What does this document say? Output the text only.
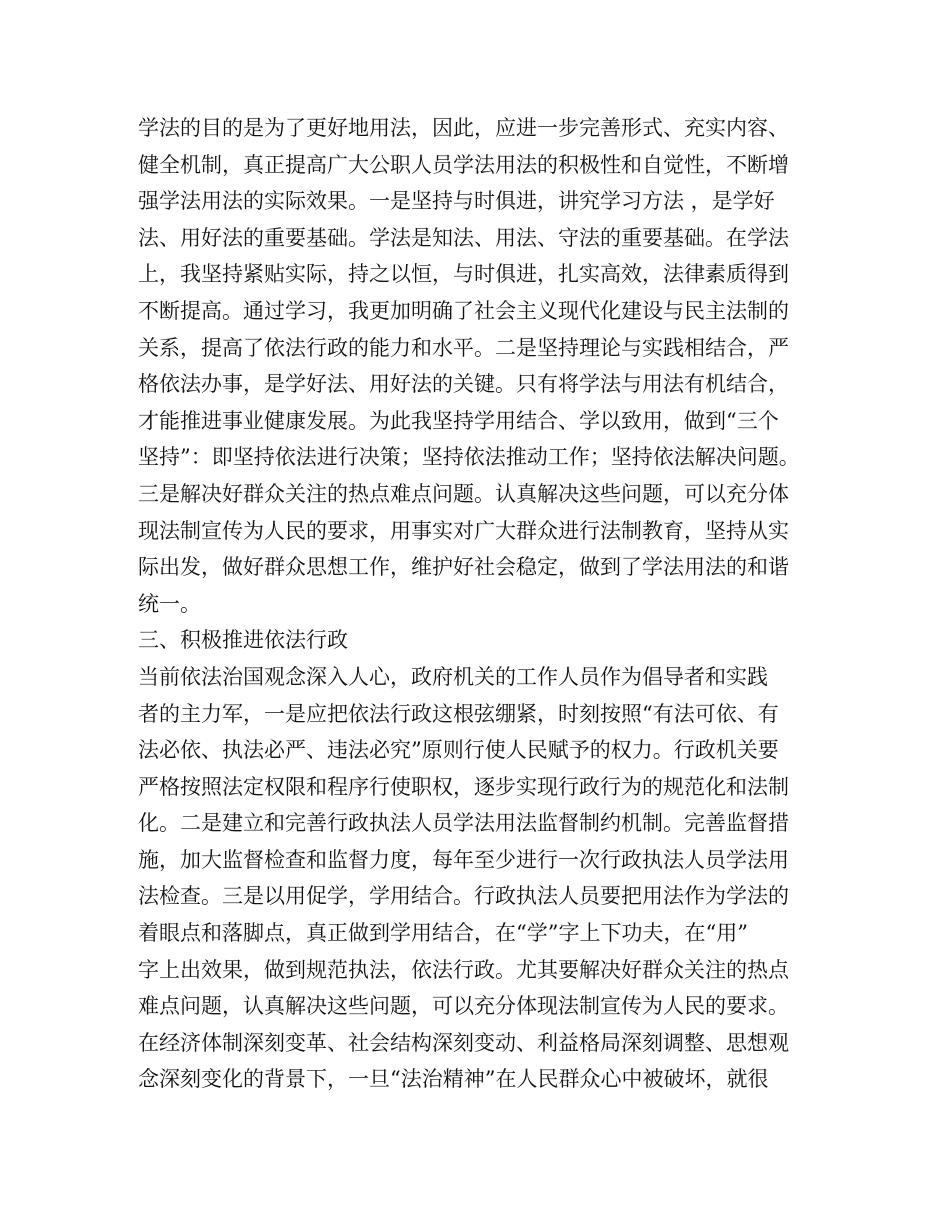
学法的目的是为了更好地用法，因此，应进一步完善形式、充实内容、
健全机制，真正提高广大公职人员学法用法的积极性和自觉性，不断增
强学法用法的实际效果。一是坚持与时俱进，讲究学习方法 ，是学好
法、用好法的重要基础。学法是知法、用法、守法的重要基础。在学法
上，我坚持紧贴实际，持之以恒，与时俱进，扎实高效，法律素质得到
不断提高。通过学习，我更加明确了社会主义现代化建设与民主法制的
关系，提高了依法行政的能力和水平。二是坚持理论与实践相结合，严
格依法办事，是学好法、用好法的关键。只有将学法与用法有机结合，
才能推进事业健康发展。为此我坚持学用结合、学以致用，做到“三个
坚持”：即坚持依法进行决策；坚持依法推动工作；坚持依法解决问题。
三是解决好群众关注的热点难点问题。认真解决这些问题，可以充分体
现法制宣传为人民的要求，用事实对广大群众进行法制教育，坚持从实
际出发，做好群众思想工作，维护好社会稳定，做到了学法用法的和谐
统一。
三、积极推进依法行政
当前依法治国观念深入人心，政府机关的工作人员作为倡导者和实践
者的主力军，一是应把依法行政这根弦绷紧，时刻按照“有法可依、有
法必依、执法必严、违法必究”原则行使人民赋予的权力。行政机关要
严格按照法定权限和程序行使职权，逐步实现行政行为的规范化和法制
化。二是建立和完善行政执法人员学法用法监督制约机制。完善监督措
施，加大监督检查和监督力度，每年至少进行一次行政执法人员学法用
法检查。三是以用促学，学用结合。行政执法人员要把用法作为学法的
着眼点和落脚点，真正做到学用结合，在“学”字上下功夫，在“用”
字上出效果，做到规范执法，依法行政。尤其要解决好群众关注的热点
难点问题，认真解决这些问题，可以充分体现法制宣传为人民的要求。
在经济体制深刻变革、社会结构深刻变动、利益格局深刻调整、思想观
念深刻变化的背景下，一旦“法治精神”在人民群众心中被破坏，就很
